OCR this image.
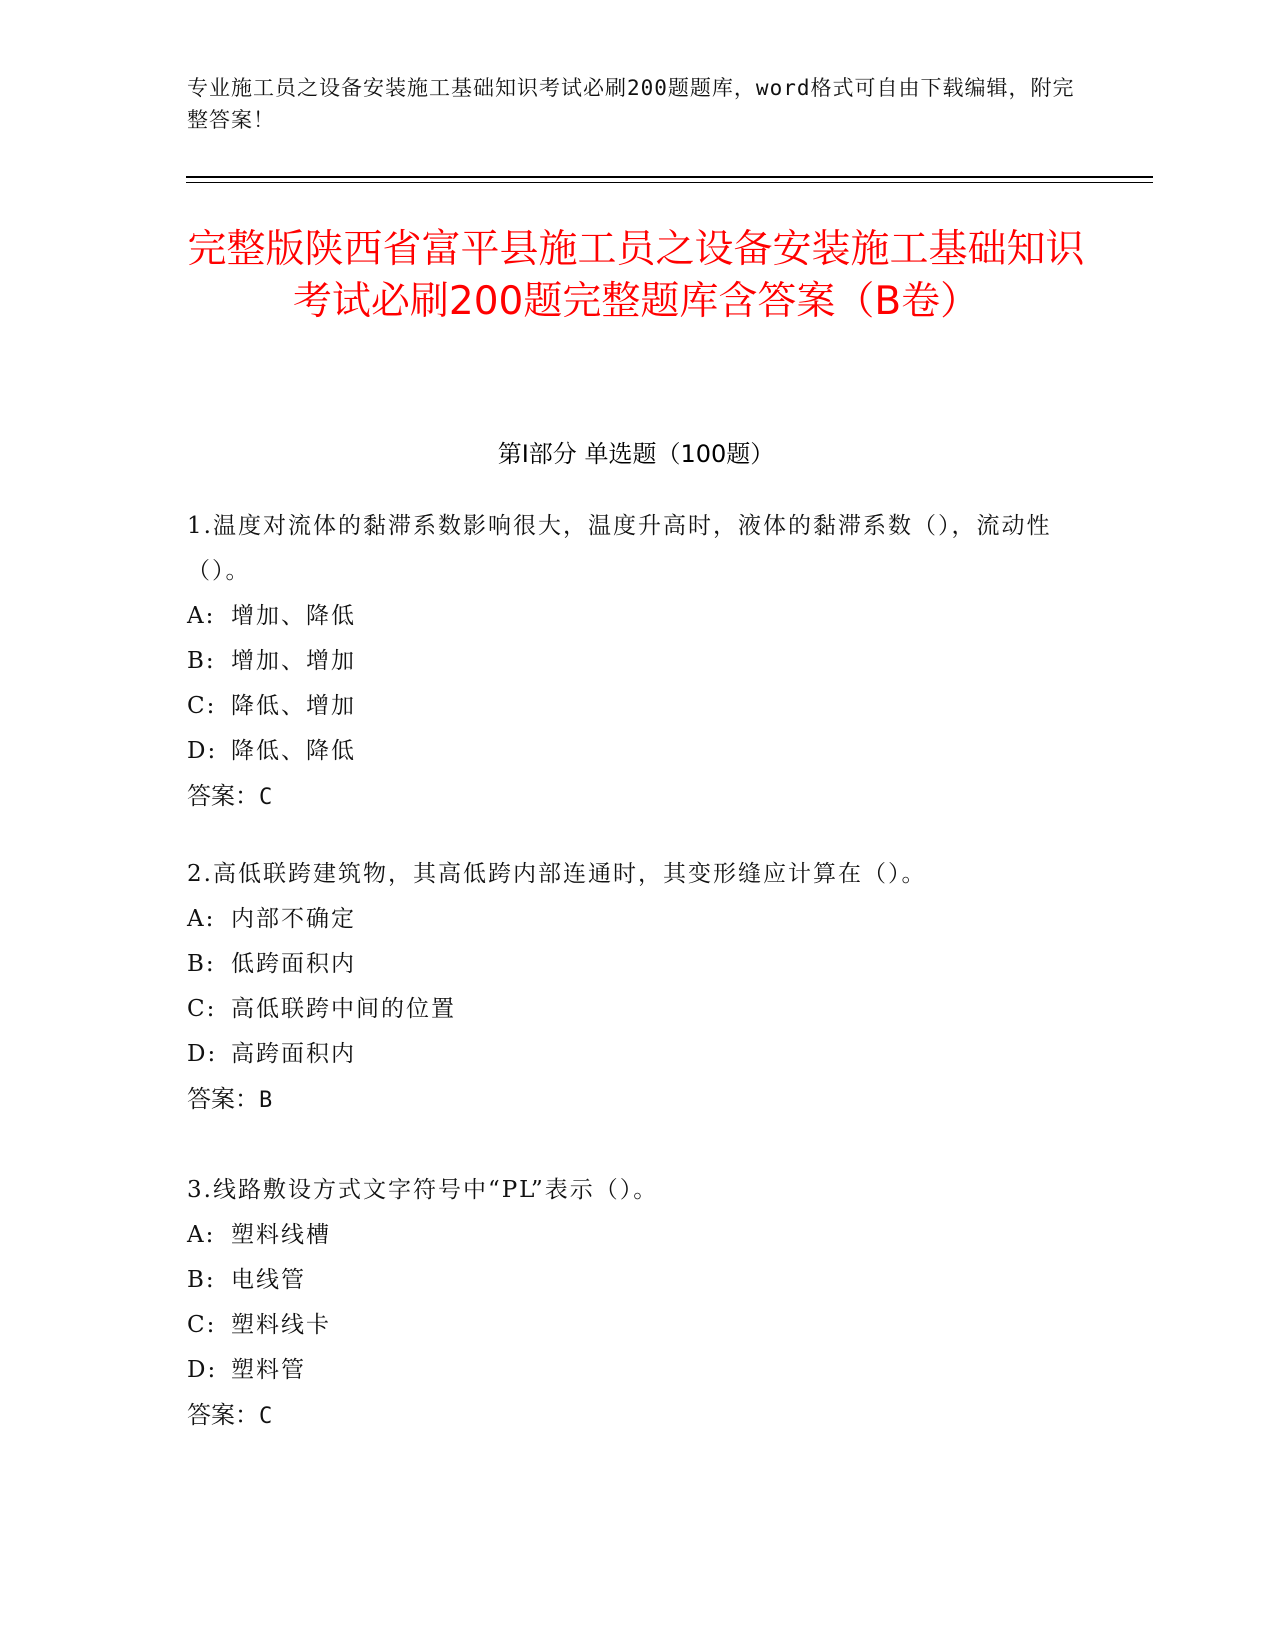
专业施工员之设备安装施工基础知识考试必刷200题题库，word格式可自由下载编辑，附完整答案！
完整版陕西省富平县施工员之设备安装施工基础知识考试必刷200题完整题库含答案（B卷）
第Ⅰ部分 单选题（100题）

1.温度对流体的黏滞系数影响很大，温度升高时，液体的黏滞系数（），流动性（）。

A: 增加、降低

B: 增加、增加

C: 降低、增加

D: 降低、降低

答案：C

2.高低联跨建筑物，其高低跨内部连通时，其变形缝应计算在（）。

A: 内部不确定

B: 低跨面积内

C: 高低联跨中间的位置

D: 高跨面积内

答案：B

3.线路敷设方式文字符号中“PL”表示（）。

A: 塑料线槽

B: 电线管

C: 塑料线卡

D: 塑料管

答案：C
